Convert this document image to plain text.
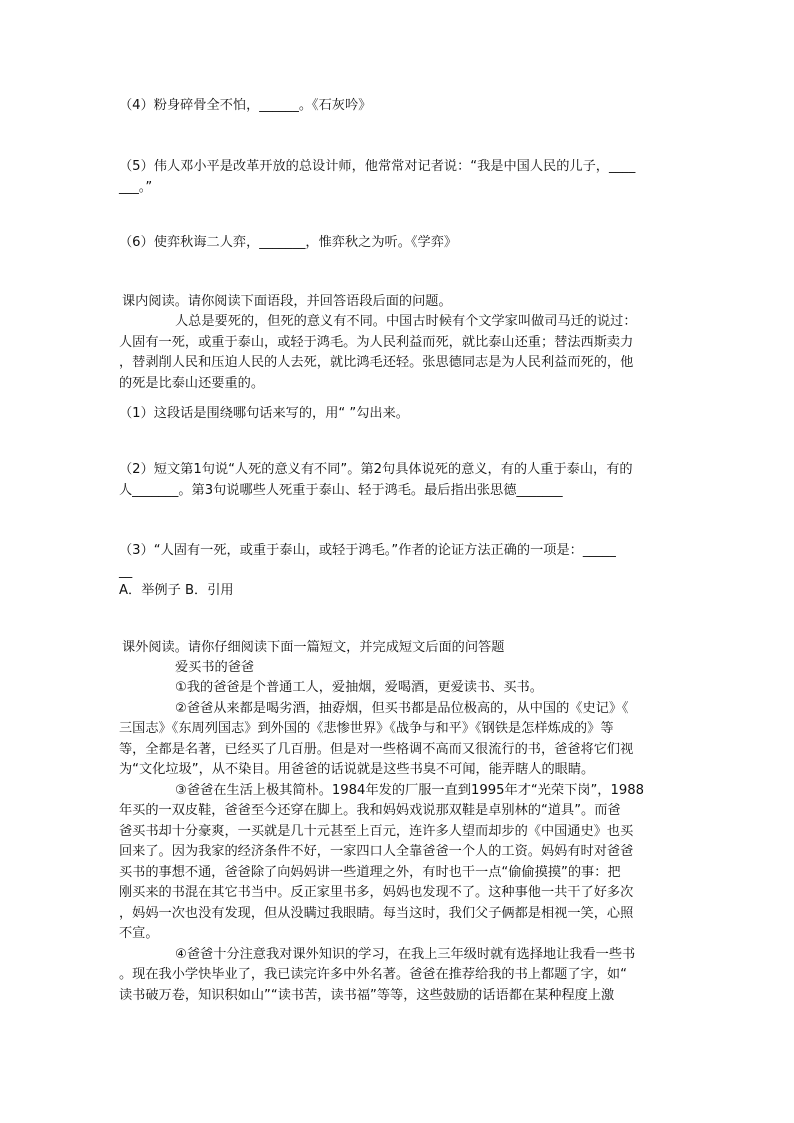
（4）粉身碎骨全不怕，______。《石灰吟》
（5）伟人邓小平是改革开放的总设计师，他常常对记者说：“我是中国人民的儿子，____
___。”
（6）使弈秋诲二人弈，_______，惟弈秋之为听。《学弈》
课内阅读。请你阅读下面语段，并回答语段后面的问题。
人总是要死的，但死的意义有不同。中国古时候有个文学家叫做司马迁的说过：
人固有一死，或重于泰山，或轻于鸿毛。为人民利益而死，就比泰山还重；替法西斯卖力
，替剥削人民和压迫人民的人去死，就比鸿毛还轻。张思德同志是为人民利益而死的，他
的死是比泰山还要重的。
（1）这段话是围绕哪句话来写的，用“ ”勾出来。
（2）短文第1句说“人死的意义有不同”。第2句具体说死的意义，有的人重于泰山，有的
人_______。第3句说哪些人死重于泰山、轻于鸿毛。最后指出张思德_______
（3）“人固有一死，或重于泰山，或轻于鸿毛。”作者的论证方法正确的一项是：_____
__
A．举例子 B．引用
课外阅读。请你仔细阅读下面一篇短文，并完成短文后面的问答题
爱买书的爸爸
①我的爸爸是个普通工人，爱抽烟，爱喝酒，更爱读书、买书。
②爸爸从来都是喝劣酒，抽孬烟，但买书都是品位极高的，从中国的《史记》《
三国志》《东周列国志》到外国的《悲惨世界》《战争与和平》《钢铁是怎样炼成的》等
等，全都是名著，已经买了几百册。但是对一些格调不高而又很流行的书，爸爸将它们视
为“文化垃圾”，从不染目。用爸爸的话说就是这些书臭不可闻，能弄瞎人的眼睛。
③爸爸在生活上极其简朴。1984年发的厂服一直到1995年才“光荣下岗”，1988
年买的一双皮鞋，爸爸至今还穿在脚上。我和妈妈戏说那双鞋是卓别林的“道具”。而爸
爸买书却十分豪爽，一买就是几十元甚至上百元，连许多人望而却步的《中国通史》也买
回来了。因为我家的经济条件不好，一家四口人全靠爸爸一个人的工资。妈妈有时对爸爸
买书的事想不通，爸爸除了向妈妈讲一些道理之外，有时也干一点“偷偷摸摸”的事：把
刚买来的书混在其它书当中。反正家里书多，妈妈也发现不了。这种事他一共干了好多次
，妈妈一次也没有发现，但从没瞒过我眼睛。每当这时，我们父子俩都是相视一笑，心照
不宣。
④爸爸十分注意我对课外知识的学习，在我上三年级时就有选择地让我看一些书
。现在我小学快毕业了，我已读完许多中外名著。爸爸在推荐给我的书上都题了字，如“
读书破万卷，知识积如山”“读书苦，读书福”等等，这些鼓励的话语都在某种程度上激
